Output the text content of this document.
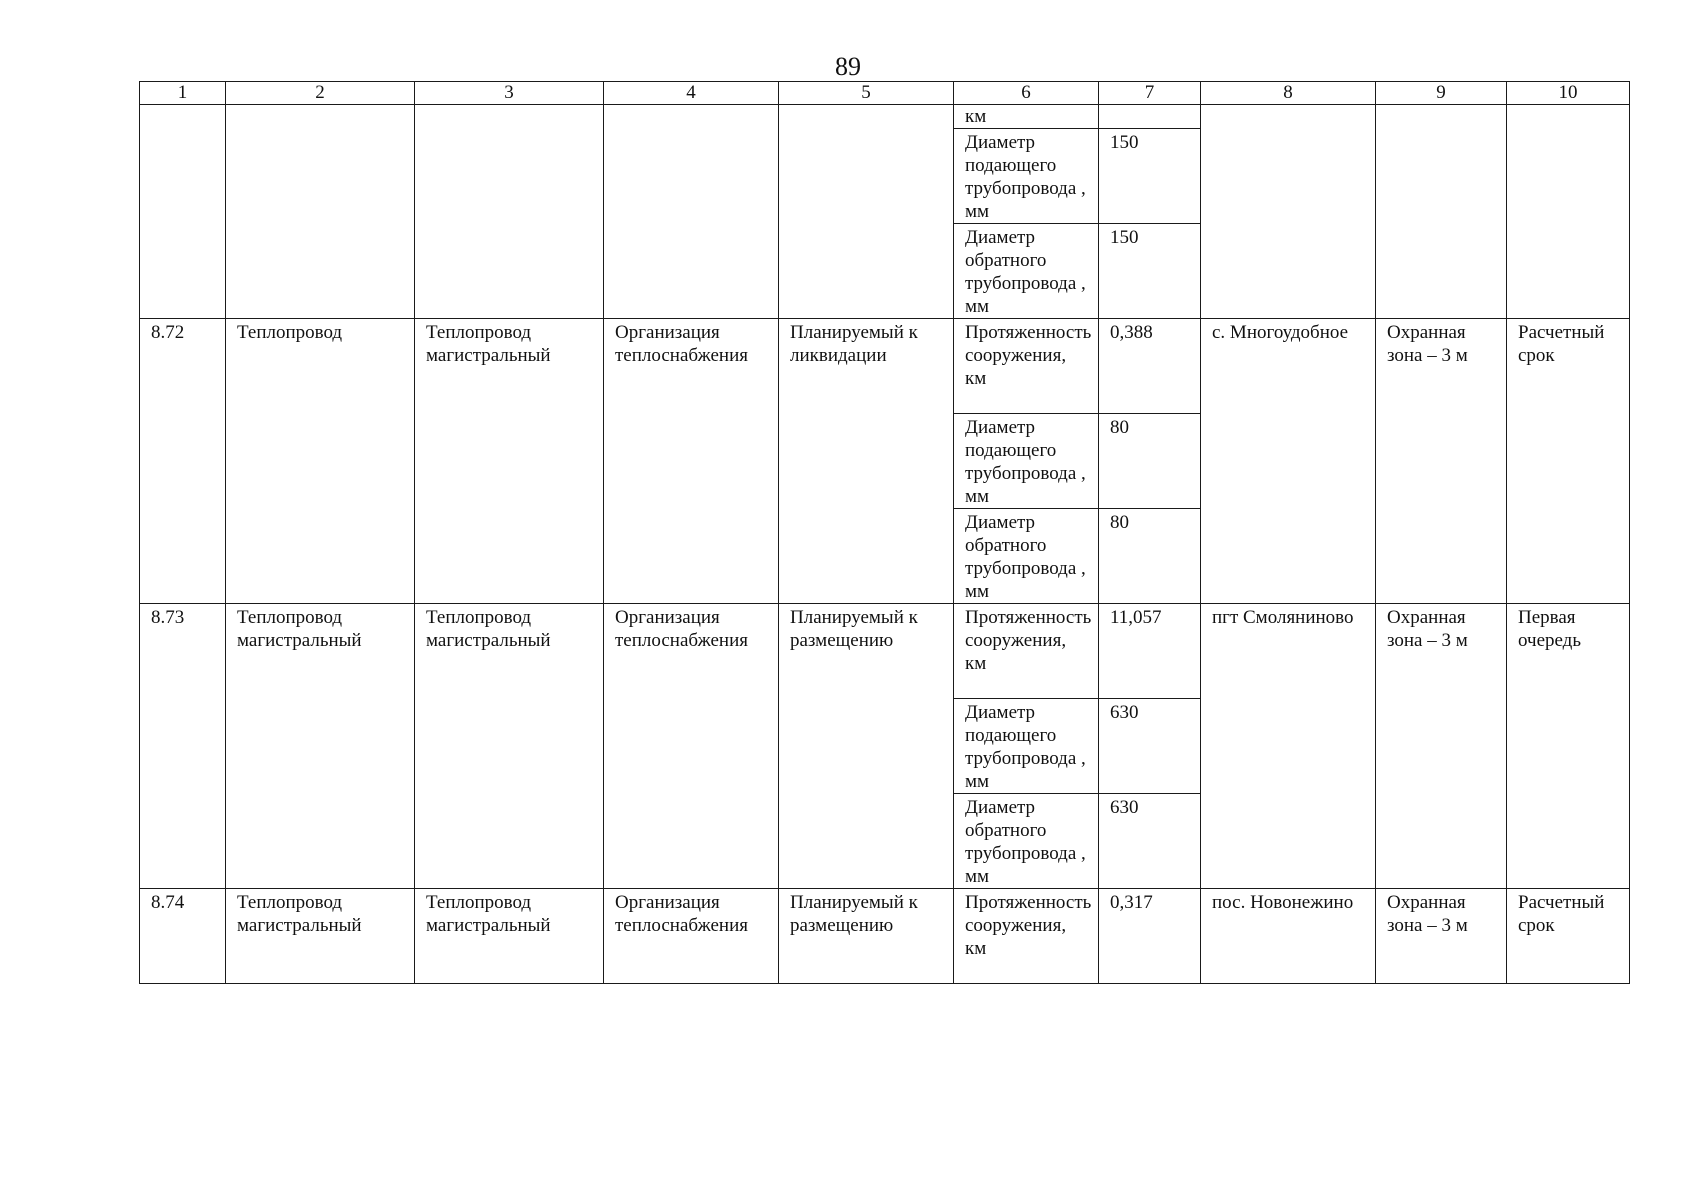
89
1	2	3	4	5	6	7	8	9	10
					км				
					Диаметр подающего трубопровода , мм	150			
					Диаметр обратного трубопровода , мм	150			
8.72	Теплопровод	Теплопровод магистральный	Организация теплоснабжения	Планируемый к ликвидации	Протяженность сооружения, км	0,388	с. Многоудобное	Охранная зона – 3 м	Расчетный срок
					Диаметр подающего трубопровода , мм	80			
					Диаметр обратного трубопровода , мм	80			
8.73	Теплопровод магистральный	Теплопровод магистральный	Организация теплоснабжения	Планируемый к размещению	Протяженность сооружения, км	11,057	пгт Смоляниново	Охранная зона – 3 м	Первая очередь
					Диаметр подающего трубопровода , мм	630			
					Диаметр обратного трубопровода , мм	630			
8.74	Теплопровод магистральный	Теплопровод магистральный	Организация теплоснабжения	Планируемый к размещению	Протяженность сооружения, км	0,317	пос. Новонежино	Охранная зона – 3 м	Расчетный срок
